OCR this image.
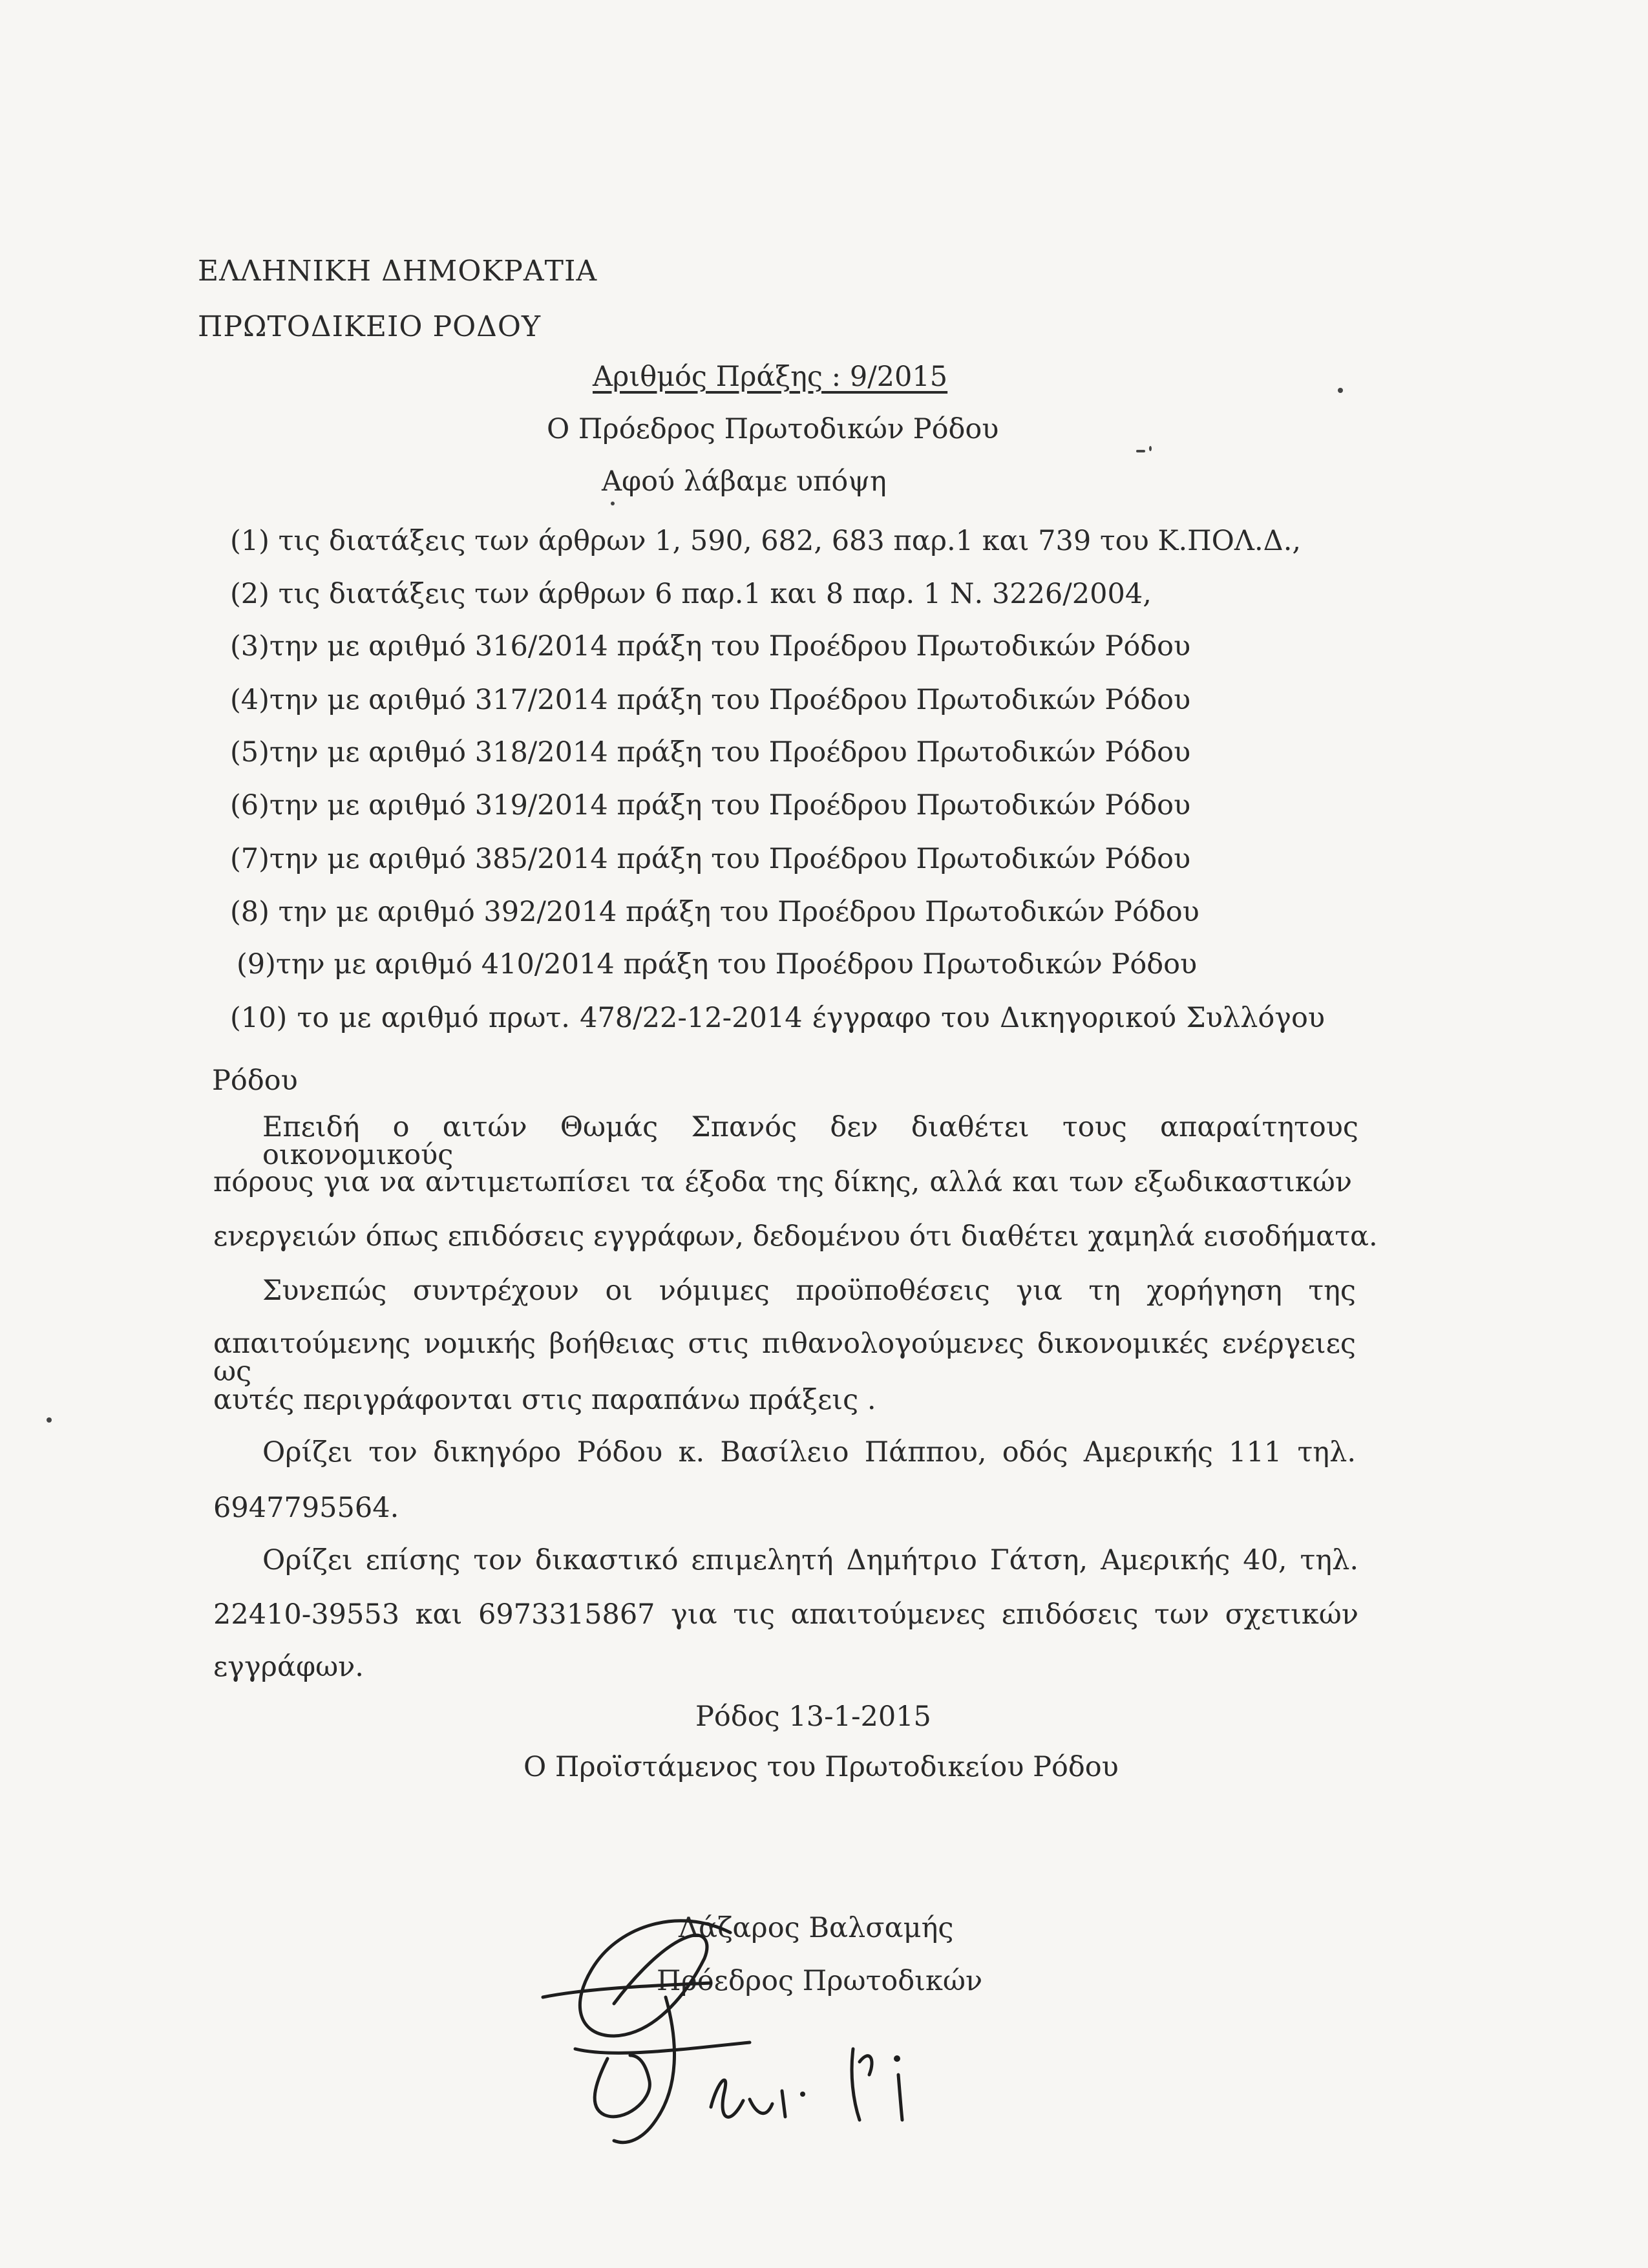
ΕΛΛΗΝΙΚΗ ΔΗΜΟΚΡΑΤΙΑ
ΠΡΩΤΟΔΙΚΕΙΟ ΡΟΔΟΥ
Αριθμός Πράξης : 9/2015
Ο Πρόεδρος Πρωτοδικών Ρόδου
Αφού λάβαμε υπόψη
(1) τις διατάξεις των άρθρων 1, 590, 682, 683 παρ.1 και 739 του Κ.ΠΟΛ.Δ.,
(2) τις διατάξεις των άρθρων 6 παρ.1 και 8 παρ. 1 Ν. 3226/2004,
(3)την με αριθμό 316/2014 πράξη του Προέδρου Πρωτοδικών Ρόδου
(4)την με αριθμό 317/2014 πράξη του Προέδρου Πρωτοδικών Ρόδου
(5)την με αριθμό 318/2014 πράξη του Προέδρου Πρωτοδικών Ρόδου
(6)την με αριθμό 319/2014 πράξη του Προέδρου Πρωτοδικών Ρόδου
(7)την με αριθμό 385/2014 πράξη του Προέδρου Πρωτοδικών Ρόδου
(8) την με αριθμό 392/2014 πράξη του Προέδρου Πρωτοδικών Ρόδου
(9)την με αριθμό 410/2014 πράξη του Προέδρου Πρωτοδικών Ρόδου
(10) το με αριθμό πρωτ. 478/22-12-2014 έγγραφο του Δικηγορικού Συλλόγου
Ρόδου
Επειδή ο αιτών Θωμάς Σπανός δεν διαθέτει τους απαραίτητους οικονομικούς
πόρους για να αντιμετωπίσει τα έξοδα της δίκης, αλλά και των εξωδικαστικών
ενεργειών όπως επιδόσεις εγγράφων, δεδομένου ότι διαθέτει χαμηλά εισοδήματα.
Συνεπώς συντρέχουν οι νόμιμες προϋποθέσεις για τη χορήγηση της
απαιτούμενης νομικής βοήθειας στις πιθανολογούμενες δικονομικές ενέργειες ως
αυτές περιγράφονται στις παραπάνω πράξεις .
Ορίζει τον δικηγόρο Ρόδου κ. Βασίλειο Πάππου, οδός Αμερικής 111 τηλ.
6947795564.
Ορίζει επίσης τον δικαστικό επιμελητή Δημήτριο Γάτση, Αμερικής 40, τηλ.
22410-39553 και 6973315867 για τις απαιτούμενες επιδόσεις των σχετικών
εγγράφων.
Ρόδος 13-1-2015
Ο Προϊστάμενος του Πρωτοδικείου Ρόδου
Λάζαρος Βαλσαμής
Πρόεδρος Πρωτοδικών
